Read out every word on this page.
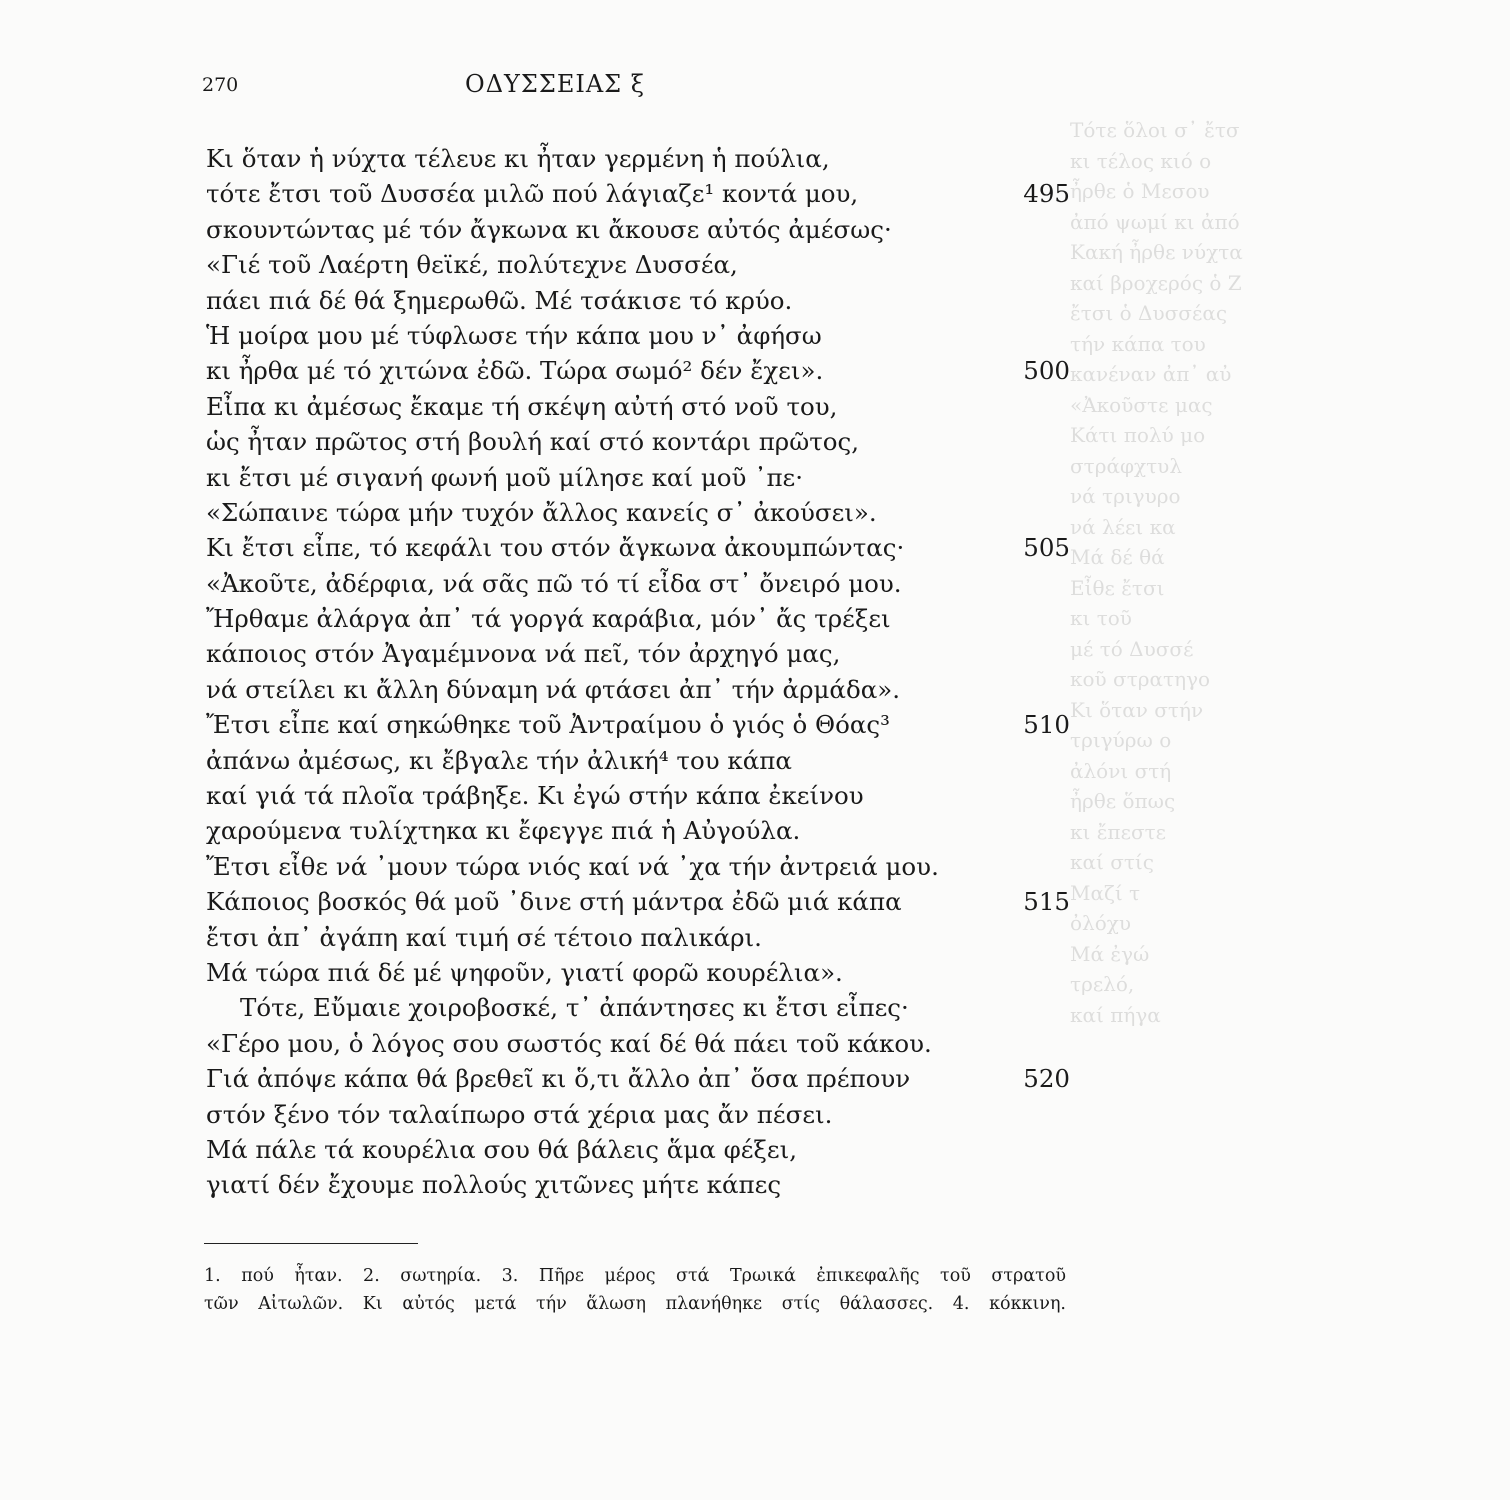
Τότε ὅλοι σ᾿ ἔτσ
κι τέλος κιό ο
ἦρθε ὁ Μεσου
ἀπό ψωμί κι ἀπό
Κακή ἦρθε νύχτα
καί βροχερός ὁ Ζ
ἔτσι ὁ Δυσσέας
τήν κάπα του
κανέναν ἀπ᾿ αὐ
«Ἀκοῦστε μας
Κάτι πολύ μο
στράφχτυλ
νά τριγυρο
νά λέει κα
Μά δέ θά
Εἶθε ἔτσι
κι τοῦ
μέ τό Δυσσέ
κοῦ στρατηγο
Κι ὅταν στήν
τριγύρω ο
ἀλόνι στή
ἦρθε ὅπως
κι ἔπεστε
καί στίς
Μαζί τ
ὀλόχυ
Μά ἐγώ
τρελό,
καί πήγα
270	ΟΔΥΣΣΕΙΑΣ ξ
Κι ὅταν ἡ νύχτα τέλευε κι ἦταν γερμένη ἡ πούλια,
τότε ἔτσι τοῦ Δυσσέα μιλῶ πού λάγιαζε¹ κοντά μου,	495
σκουντώντας μέ τόν ἄγκωνα κι ἄκουσε αὐτός ἀμέσως·
«Γιέ τοῦ Λαέρτη θεϊκέ, πολύτεχνε Δυσσέα,
πάει πιά δέ θά ξημερωθῶ. Μέ τσάκισε τό κρύο.
Ἡ μοίρα μου μέ τύφλωσε τήν κάπα μου ν᾿ ἀφήσω
κι ἦρθα μέ τό χιτώνα ἐδῶ. Τώρα σωμό² δέν ἔχει».	500
Εἶπα κι ἀμέσως ἔκαμε τή σκέψη αὐτή στό νοῦ του,
ὡς ἦταν πρῶτος στή βουλή καί στό κοντάρι πρῶτος,
κι ἔτσι μέ σιγανή φωνή μοῦ μίλησε καί μοῦ ᾿πε·
«Σώπαινε τώρα μήν τυχόν ἄλλος κανείς σ᾿ ἀκούσει».
Κι ἔτσι εἶπε, τό κεφάλι του στόν ἄγκωνα ἀκουμπώντας·	505
«Ἀκοῦτε, ἀδέρφια, νά σᾶς πῶ τό τί εἶδα στ᾿ ὄνειρό μου.
Ἤρθαμε ἀλάργα ἀπ᾿ τά γοργά καράβια, μόν᾿ ἄς τρέξει
κάποιος στόν Ἀγαμέμνονα νά πεῖ, τόν ἀρχηγό μας,
νά στείλει κι ἄλλη δύναμη νά φτάσει ἀπ᾿ τήν ἀρμάδα».
Ἔτσι εἶπε καί σηκώθηκε τοῦ Ἀντραίμου ὁ γιός ὁ Θόας³	510
ἀπάνω ἀμέσως, κι ἔβγαλε τήν ἀλική⁴ του κάπα
καί γιά τά πλοῖα τράβηξε. Κι ἐγώ στήν κάπα ἐκείνου
χαρούμενα τυλίχτηκα κι ἔφεγγε πιά ἡ Αὐγούλα.
Ἔτσι εἶθε νά ᾿μουν τώρα νιός καί νά ᾿χα τήν ἀντρειά μου.
Κάποιος βοσκός θά μοῦ ᾿δινε στή μάντρα ἐδῶ μιά κάπα	515
ἔτσι ἀπ᾿ ἀγάπη καί τιμή σέ τέτοιο παλικάρι.
Μά τώρα πιά δέ μέ ψηφοῦν, γιατί φορῶ κουρέλια».
Τότε, Εὔμαιε χοιροβοσκέ, τ᾿ ἀπάντησες κι ἔτσι εἶπες·
«Γέρο μου, ὁ λόγος σου σωστός καί δέ θά πάει τοῦ κάκου.
Γιά ἀπόψε κάπα θά βρεθεῖ κι ὅ,τι ἄλλο ἀπ᾿ ὅσα πρέπουν	520
στόν ξένο τόν ταλαίπωρο στά χέρια μας ἄν πέσει.
Μά πάλε τά κουρέλια σου θά βάλεις ἅμα φέξει,
γιατί δέν ἔχουμε πολλούς χιτῶνες μήτε κάπες
1. πού ἦταν. 2. σωτηρία. 3. Πῆρε μέρος στά Τρωικά ἐπικεφαλῆς τοῦ στρατοῦ
τῶν Αἰτωλῶν. Κι αὐτός μετά τήν ἅλωση πλανήθηκε στίς θάλασσες. 4. κόκκινη.
